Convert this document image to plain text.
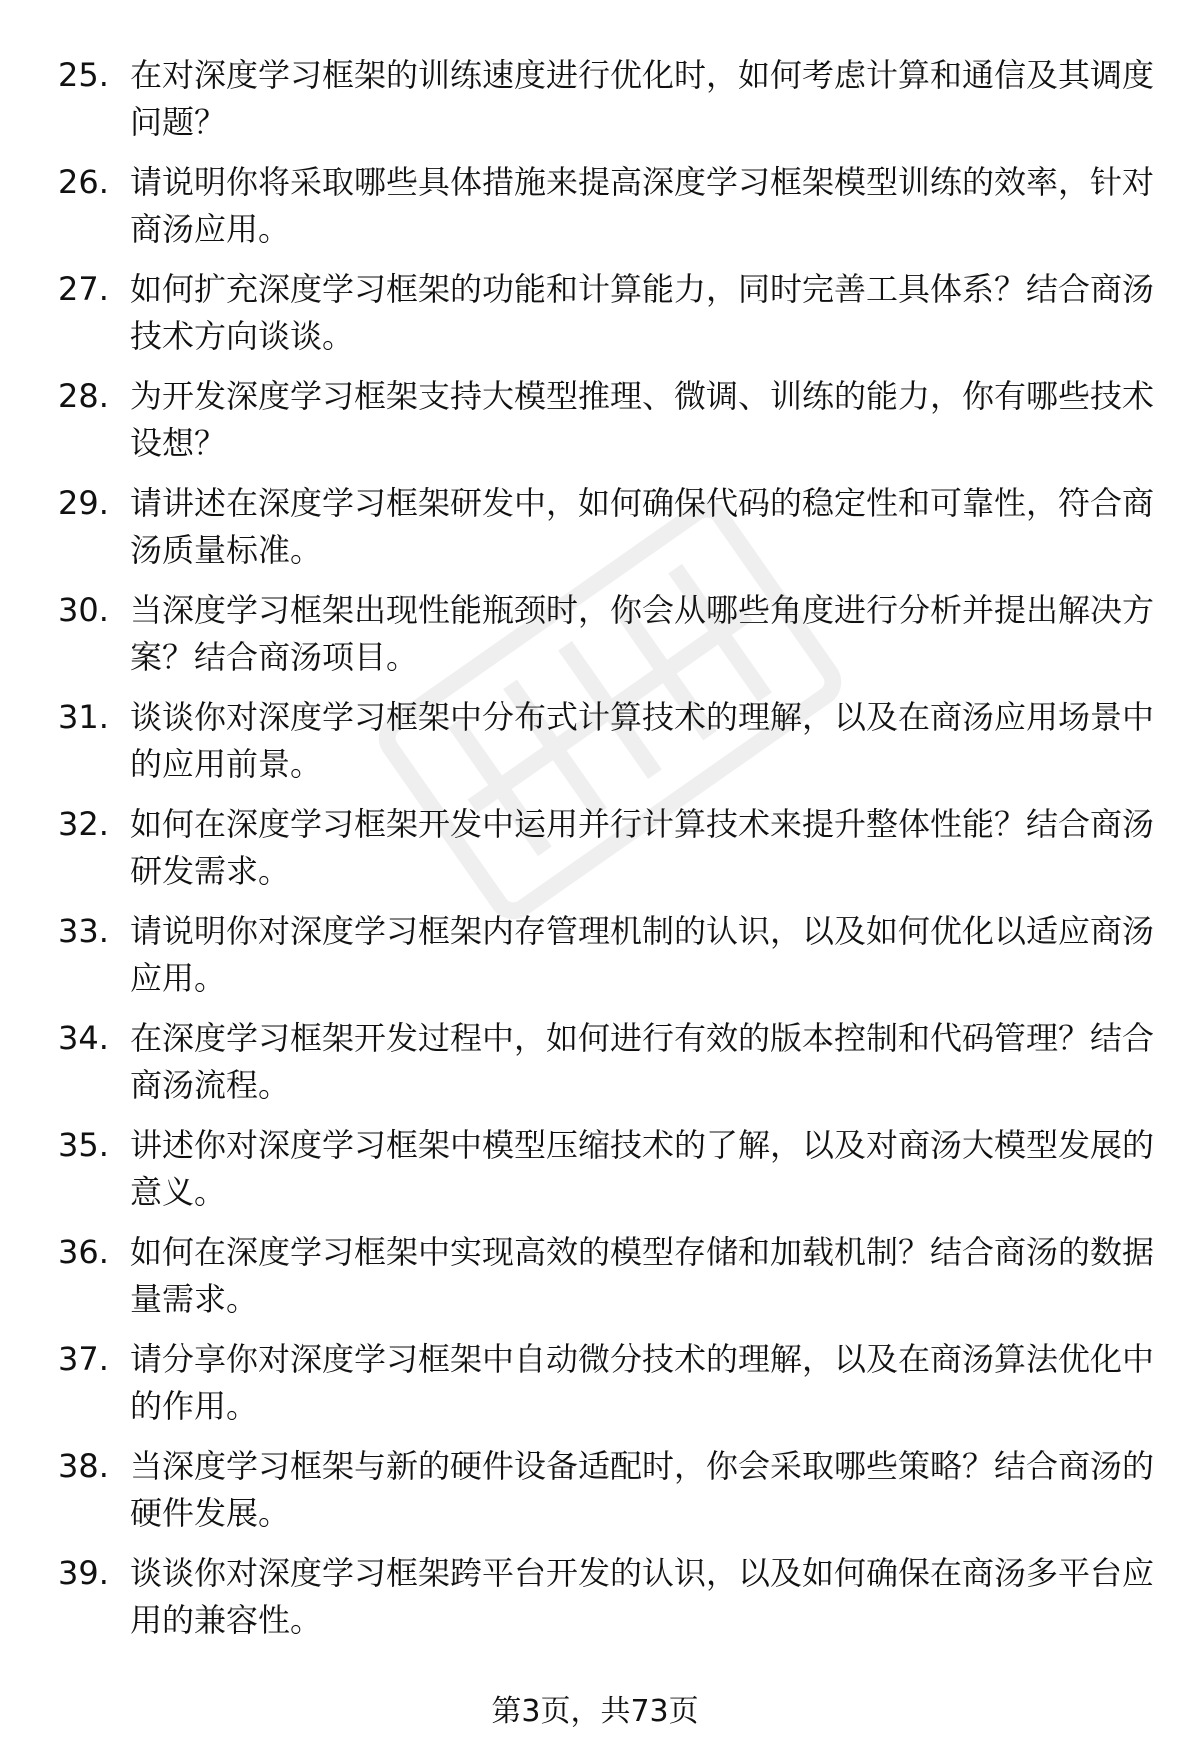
25. 在对深度学习框架的训练速度进行优化时，如何考虑计算和通信及其调度问题？
26. 请说明你将采取哪些具体措施来提高深度学习框架模型训练的效率，针对商汤应用。
27. 如何扩充深度学习框架的功能和计算能力，同时完善工具体系？结合商汤技术方向谈谈。
28. 为开发深度学习框架支持大模型推理、微调、训练的能力，你有哪些技术设想？
29. 请讲述在深度学习框架研发中，如何确保代码的稳定性和可靠性，符合商汤质量标准。
30. 当深度学习框架出现性能瓶颈时，你会从哪些角度进行分析并提出解决方案？结合商汤项目。
31. 谈谈你对深度学习框架中分布式计算技术的理解，以及在商汤应用场景中的应用前景。
32. 如何在深度学习框架开发中运用并行计算技术来提升整体性能？结合商汤研发需求。
33. 请说明你对深度学习框架内存管理机制的认识，以及如何优化以适应商汤应用。
34. 在深度学习框架开发过程中，如何进行有效的版本控制和代码管理？结合商汤流程。
35. 讲述你对深度学习框架中模型压缩技术的了解，以及对商汤大模型发展的意义。
36. 如何在深度学习框架中实现高效的模型存储和加载机制？结合商汤的数据量需求。
37. 请分享你对深度学习框架中自动微分技术的理解，以及在商汤算法优化中的作用。
38. 当深度学习框架与新的硬件设备适配时，你会采取哪些策略？结合商汤的硬件发展。
39. 谈谈你对深度学习框架跨平台开发的认识，以及如何确保在商汤多平台应用的兼容性。
第3页，共73页
